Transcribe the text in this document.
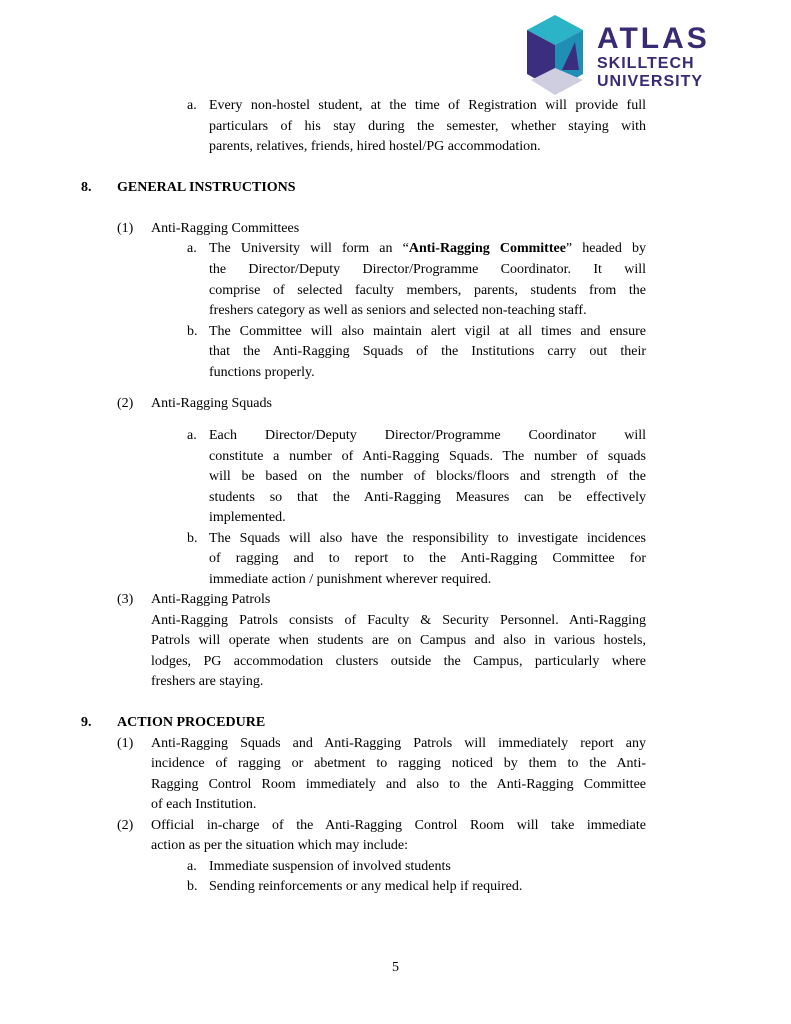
ATLAS
SKILLTECH
UNIVERSITY
a. Every non-hostel student, at the time of Registration will provide full
particulars of his stay during the semester, whether staying with
parents, relatives, friends, hired hostel/PG accommodation.
8. GENERAL INSTRUCTIONS
(1) Anti-Ragging Committees
a. The University will form an “Anti-Ragging Committee” headed by
the Director/Deputy Director/Programme Coordinator. It will
comprise of selected faculty members, parents, students from the
freshers category as well as seniors and selected non-teaching staff.
b. The Committee will also maintain alert vigil at all times and ensure
that the Anti-Ragging Squads of the Institutions carry out their
functions properly.
(2) Anti-Ragging Squads
a. Each Director/Deputy Director/Programme Coordinator will
constitute a number of Anti-Ragging Squads. The number of squads
will be based on the number of blocks/floors and strength of the
students so that the Anti-Ragging Measures can be effectively
implemented.
b. The Squads will also have the responsibility to investigate incidences
of ragging and to report to the Anti-Ragging Committee for
immediate action / punishment wherever required.
(3) Anti-Ragging Patrols
Anti-Ragging Patrols consists of Faculty & Security Personnel. Anti-Ragging
Patrols will operate when students are on Campus and also in various hostels,
lodges, PG accommodation clusters outside the Campus, particularly where
freshers are staying.
9. ACTION PROCEDURE
(1) Anti-Ragging Squads and Anti-Ragging Patrols will immediately report any
incidence of ragging or abetment to ragging noticed by them to the Anti-
Ragging Control Room immediately and also to the Anti-Ragging Committee
of each Institution.
(2) Official in-charge of the Anti-Ragging Control Room will take immediate
action as per the situation which may include:
a. Immediate suspension of involved students
b. Sending reinforcements or any medical help if required.
5
